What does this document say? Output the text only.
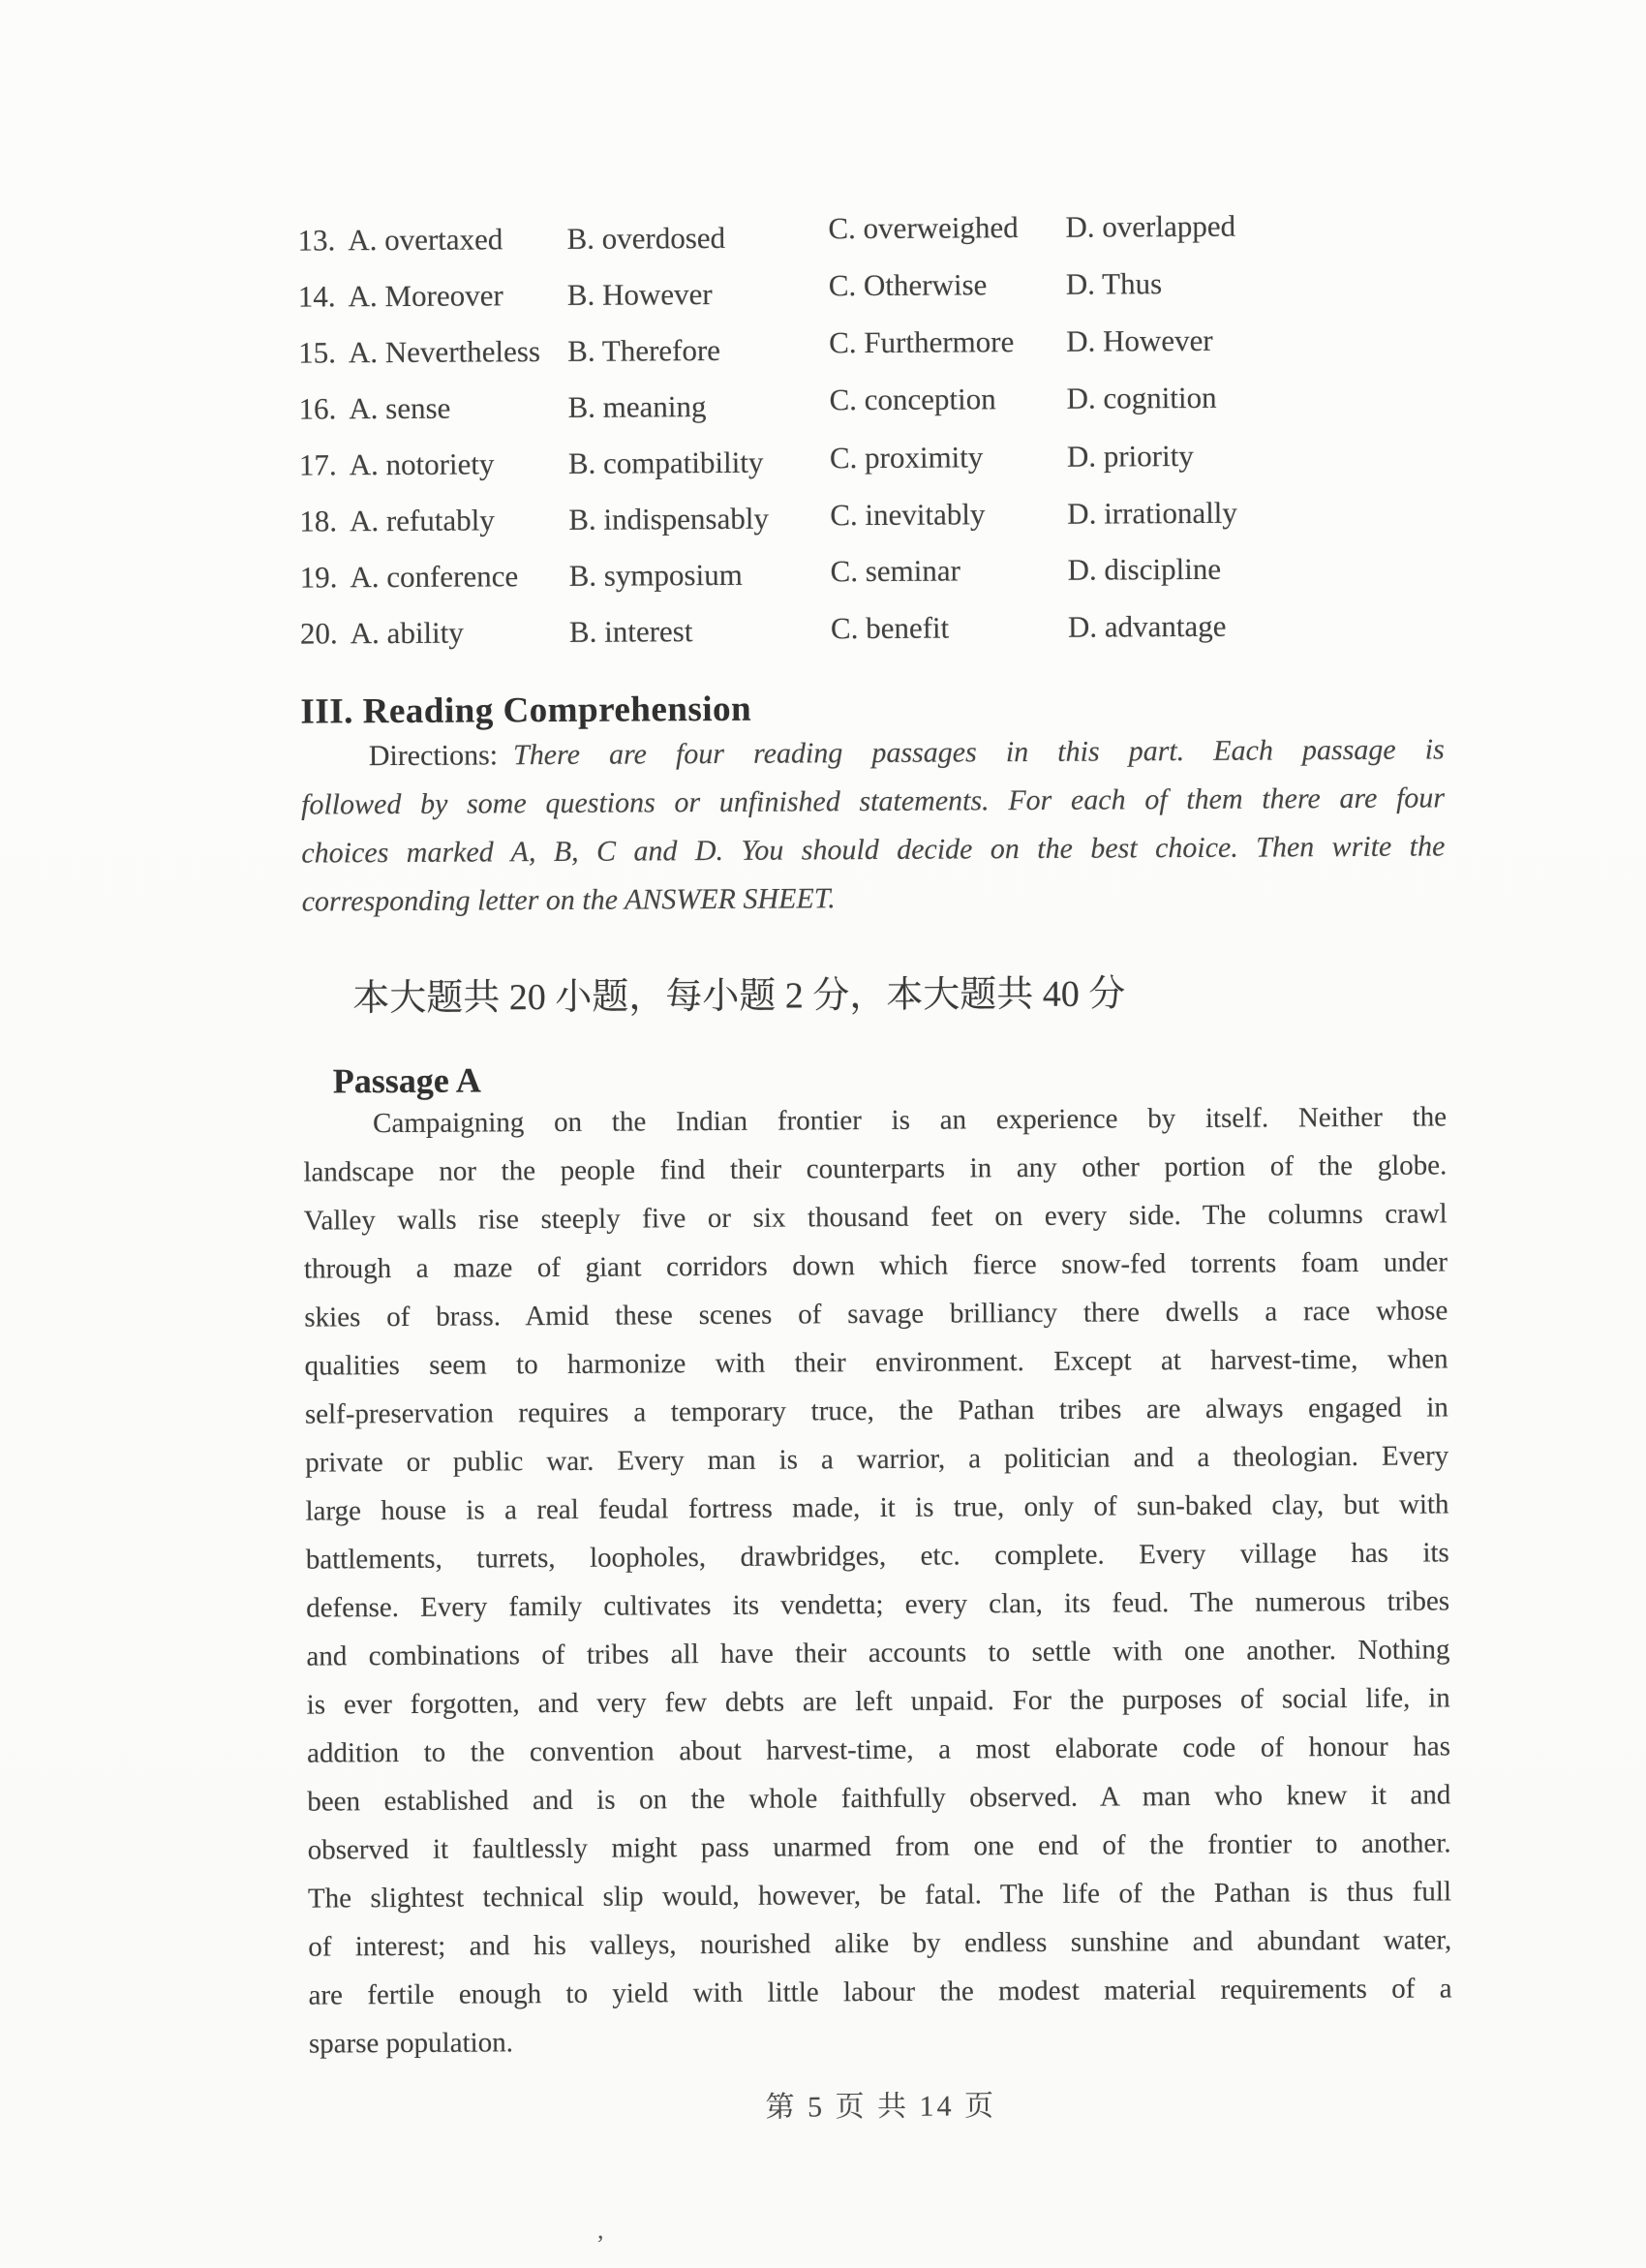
13. A. overtaxed	B. overdosed	C. overweighed	D. overlapped
14. A. Moreover	B. However	C. Otherwise	D. Thus
15. A. Nevertheless B. Therefore	C. Furthermore	D. However
16. A. sense	B. meaning	C. conception	D. cognition
17. A. notoriety	B. compatibility	C. proximity	D. priority
18. A. refutably	B. indispensably	C. inevitably	D. irrationally
19. A. conference	B. symposium	C. seminar	D. discipline
20. A. ability	B. interest	C. benefit	D. advantage
III. Reading Comprehension
Directions: There are four reading passages in this part. Each passage is
followed by some questions or unfinished statements. For each of them there are four
choices marked A, B, C and D. You should decide on the best choice. Then write the
corresponding letter on the ANSWER SHEET.
本大题共 20 小题，每小题 2 分，本大题共 40 分
Passage A
Campaigning on the Indian frontier is an experience by itself. Neither the
landscape nor the people find their counterparts in any other portion of the globe.
Valley walls rise steeply five or six thousand feet on every side. The columns crawl
through a maze of giant corridors down which fierce snow-fed torrents foam under
skies of brass. Amid these scenes of savage brilliancy there dwells a race whose
qualities seem to harmonize with their environment. Except at harvest-time, when
self-preservation requires a temporary truce, the Pathan tribes are always engaged in
private or public war. Every man is a warrior, a politician and a theologian. Every
large house is a real feudal fortress made, it is true, only of sun-baked clay, but with
battlements, turrets, loopholes, drawbridges, etc. complete. Every village has its
defense. Every family cultivates its vendetta; every clan, its feud. The numerous tribes
and combinations of tribes all have their accounts to settle with one another. Nothing
is ever forgotten, and very few debts are left unpaid. For the purposes of social life, in
addition to the convention about harvest-time, a most elaborate code of honour has
been established and is on the whole faithfully observed. A man who knew it and
observed it faultlessly might pass unarmed from one end of the frontier to another.
The slightest technical slip would, however, be fatal. The life of the Pathan is thus full
of interest; and his valleys, nourished alike by endless sunshine and abundant water,
are fertile enough to yield with little labour the modest material requirements of a
sparse population.
第 5 页 共 14 页
,
